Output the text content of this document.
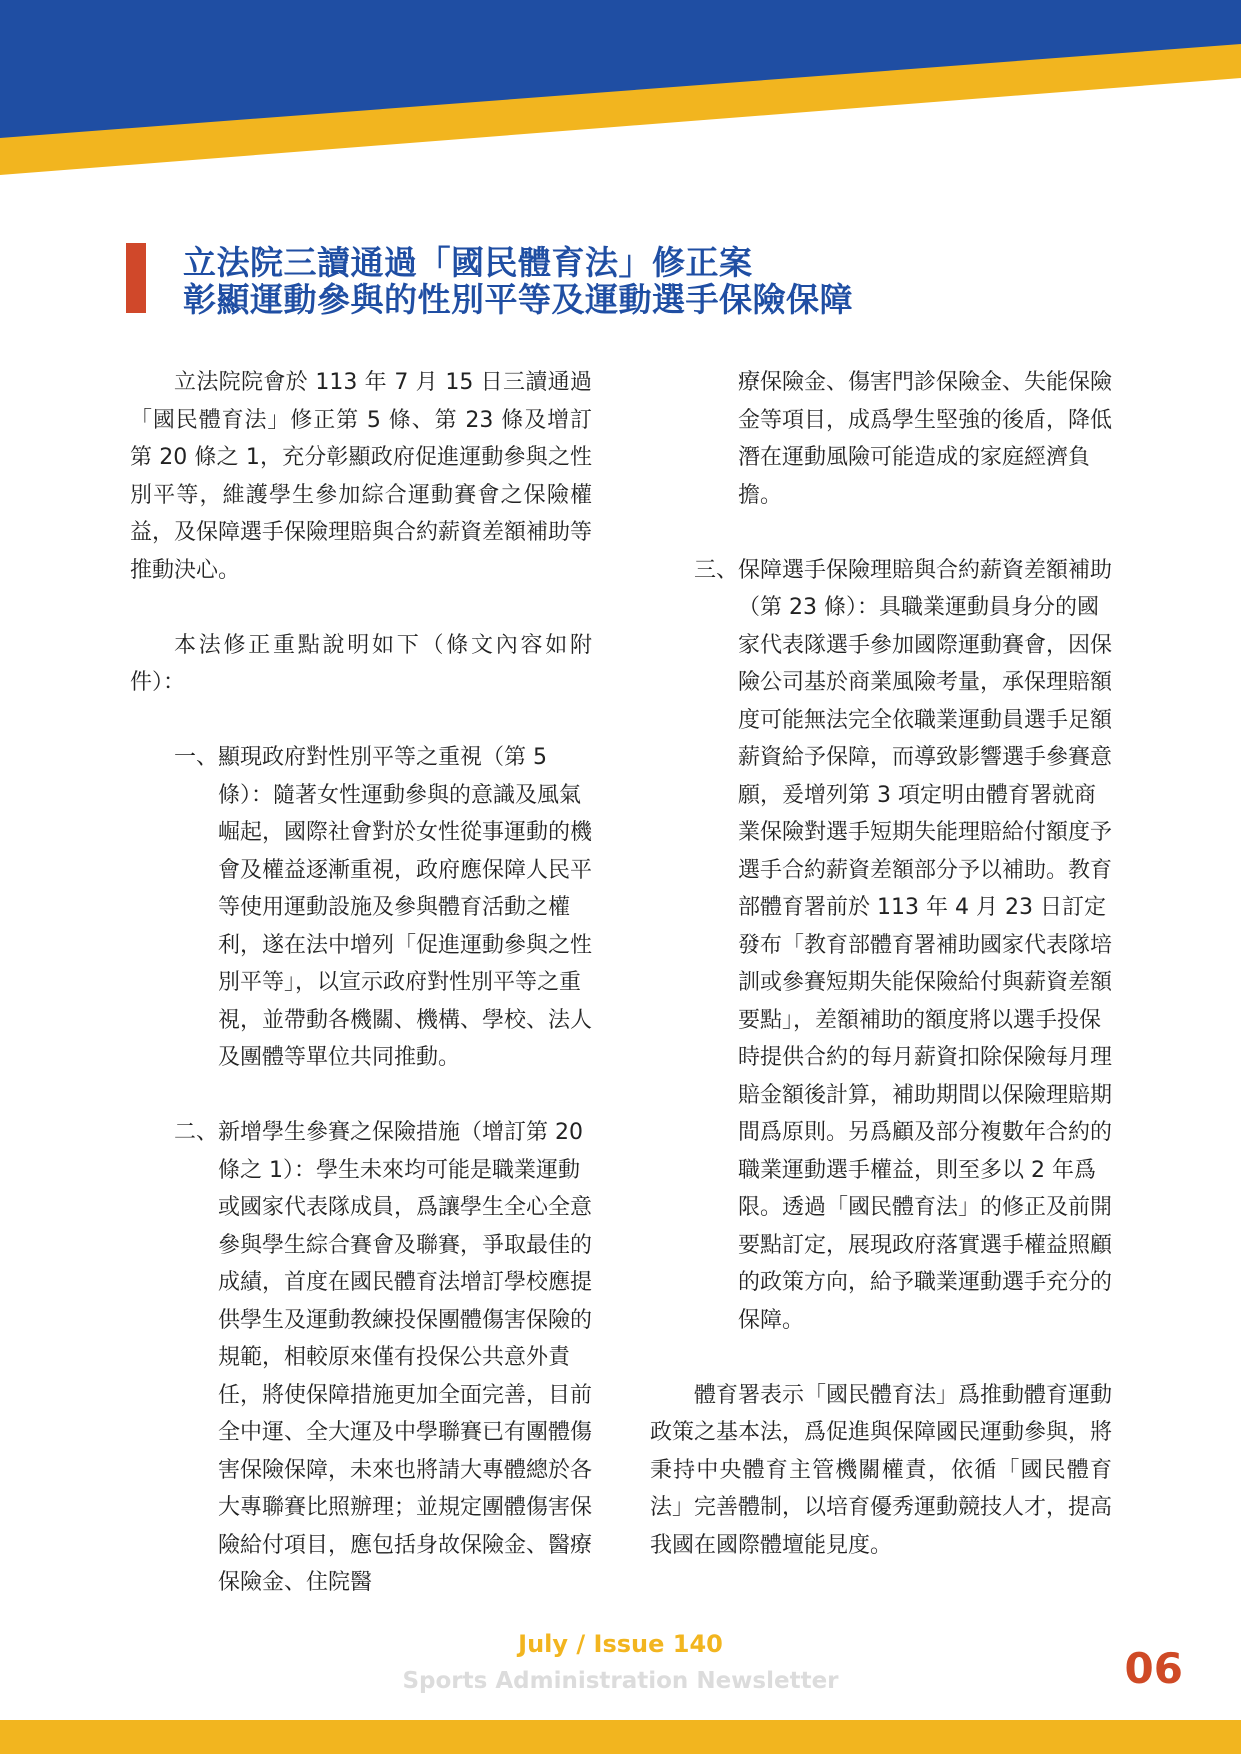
立法院三讀通過「國民體育法」修正案
彰顯運動參與的性別平等及運動選手保險保障

立法院院會於 113 年 7 月 15 日三讀通過「國民體育法」修正第 5 條、第 23 條及增訂第 20 條之 1，充分彰顯政府促進運動參與之性別平等，維護學生參加綜合運動賽會之保險權益，及保障選手保險理賠與合約薪資差額補助等推動決心。

本法修正重點說明如下（條文內容如附件）：

一、 顯現政府對性別平等之重視（第 5 條）：隨著女性運動參與的意識及風氣崛起，國際社會對於女性從事運動的機會及權益逐漸重視，政府應保障人民平等使用運動設施及參與體育活動之權利，遂在法中增列「促進運動參與之性別平等」，以宣示政府對性別平等之重視，並帶動各機關、機構、學校、法人及團體等單位共同推動。
二、 新增學生參賽之保險措施（增訂第 20 條之 1）：學生未來均可能是職業運動或國家代表隊成員，爲讓學生全心全意參與學生綜合賽會及聯賽，爭取最佳的成績，首度在國民體育法增訂學校應提供學生及運動教練投保團體傷害保險的規範，相較原來僅有投保公共意外責任，將使保障措施更加全面完善，目前全中運、全大運及中學聯賽已有團體傷害保險保障，未來也將請大專體總於各大專聯賽比照辦理；並規定團體傷害保險給付項目，應包括身故保險金、醫療保險金、住院醫
療保險金、傷害門診保險金、失能保險金等項目，成爲學生堅強的後盾，降低潛在運動風險可能造成的家庭經濟負擔。
三、 保障選手保險理賠與合約薪資差額補助（第 23 條）：具職業運動員身分的國家代表隊選手參加國際運動賽會，因保險公司基於商業風險考量，承保理賠額度可能無法完全依職業運動員選手足額薪資給予保障，而導致影響選手參賽意願，爰增列第 3 項定明由體育署就商業保險對選手短期失能理賠給付額度予選手合約薪資差額部分予以補助。教育部體育署前於 113 年 4 月 23 日訂定發布「教育部體育署補助國家代表隊培訓或參賽短期失能保險給付與薪資差額要點」，差額補助的額度將以選手投保時提供合約的每月薪資扣除保險每月理賠金額後計算，補助期間以保險理賠期間爲原則。另爲顧及部分複數年合約的職業運動選手權益，則至多以 2 年爲限。透過「國民體育法」的修正及前開要點訂定，展現政府落實選手權益照顧的政策方向，給予職業運動選手充分的保障。

體育署表示「國民體育法」爲推動體育運動政策之基本法，爲促進與保障國民運動參與，將秉持中央體育主管機關權責，依循「國民體育法」完善體制，以培育優秀運動競技人才，提高我國在國際體壇能見度。

July / Issue 140
Sports Administration Newsletter	06
